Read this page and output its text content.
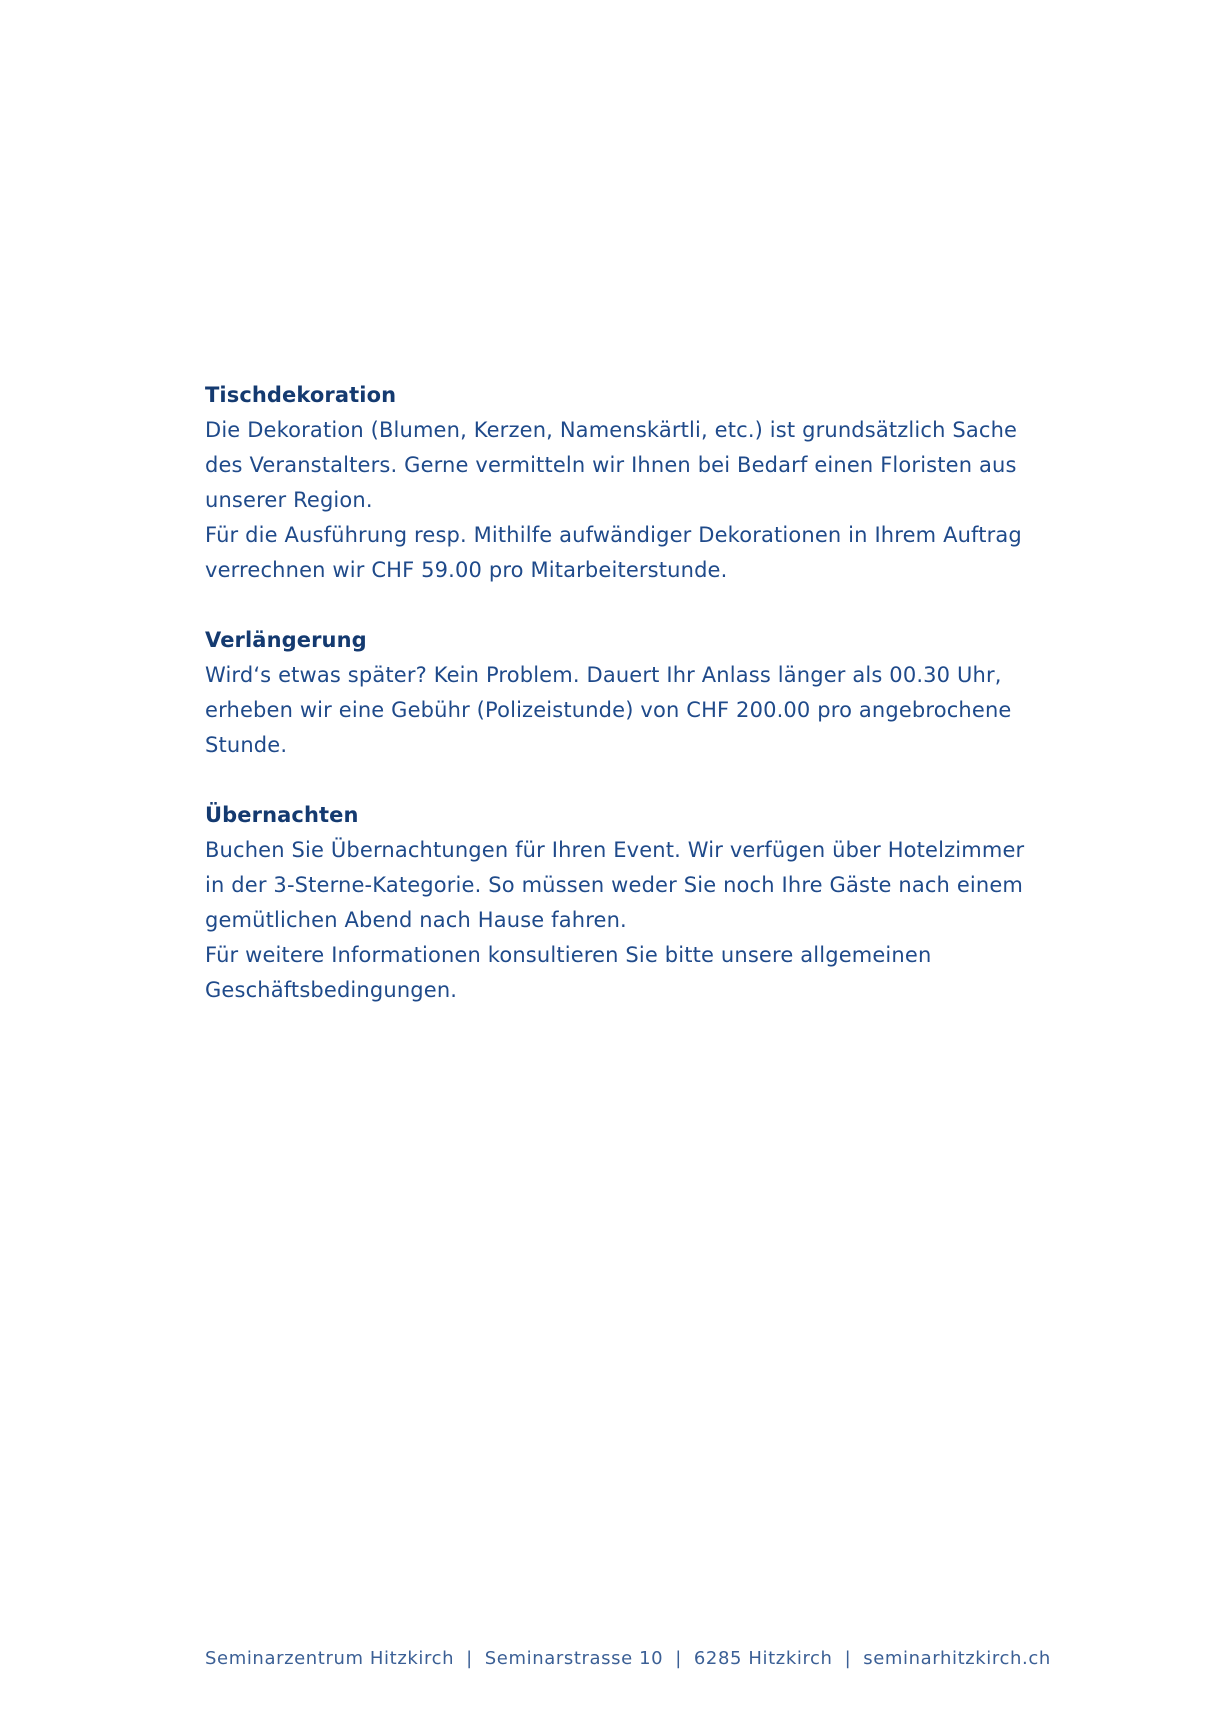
Tischdekoration

Die Dekoration (Blumen, Kerzen, Namenskärtli, etc.) ist grundsätzlich Sache
des Veranstalters. Gerne vermitteln wir Ihnen bei Bedarf einen Floristen aus
unserer Region.

Für die Ausführung resp. Mithilfe aufwändiger Dekorationen in Ihrem Auftrag
verrechnen wir CHF 59.00 pro Mitarbeiterstunde.

Verlängerung

Wird‘s etwas später? Kein Problem. Dauert Ihr Anlass länger als 00.30 Uhr,
erheben wir eine Gebühr (Polizeistunde) von CHF 200.00 pro angebrochene
Stunde.

Übernachten

Buchen Sie Übernachtungen für Ihren Event. Wir verfügen über Hotelzimmer
in der 3-Sterne-Kategorie. So müssen weder Sie noch Ihre Gäste nach einem
gemütlichen Abend nach Hause fahren.

Für weitere Informationen konsultieren Sie bitte unsere allgemeinen
Geschäftsbedingungen.

Seminarzentrum Hitzkirch | Seminarstrasse 10 | 6285 Hitzkirch | seminarhitzkirch.ch
